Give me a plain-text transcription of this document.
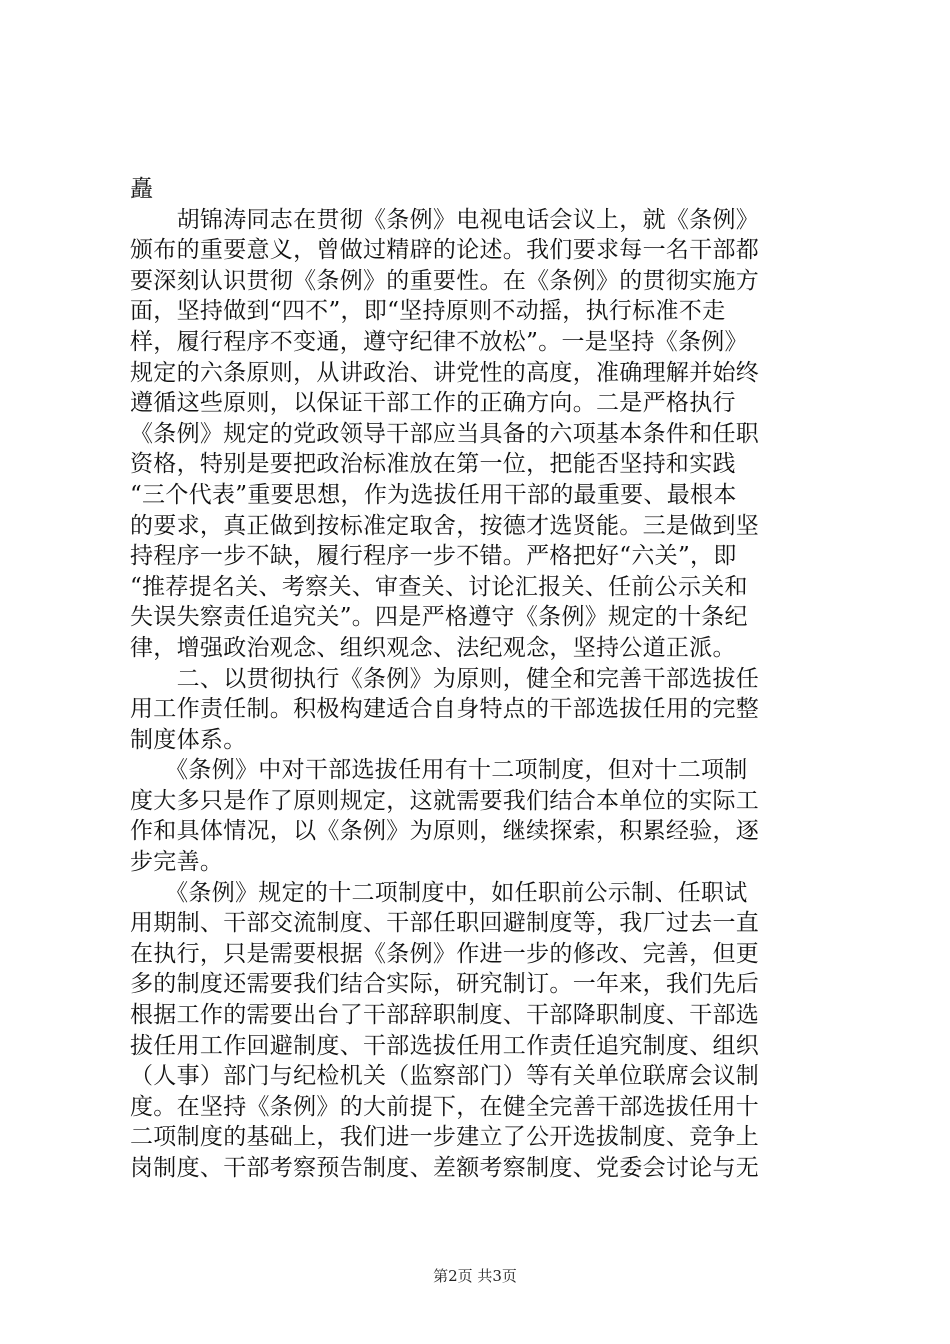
矗
　　胡锦涛同志在贯彻《条例》电视电话会议上，就《条例》
颁布的重要意义，曾做过精辟的论述。我们要求每一名干部都
要深刻认识贯彻《条例》的重要性。在《条例》的贯彻实施方
面，坚持做到“四不”，即“坚持原则不动摇，执行标准不走
样，履行程序不变通，遵守纪律不放松”。一是坚持《条例》
规定的六条原则，从讲政治、讲党性的高度，准确理解并始终
遵循这些原则，以保证干部工作的正确方向。二是严格执行
《条例》规定的党政领导干部应当具备的六项基本条件和任职
资格，特别是要把政治标准放在第一位，把能否坚持和实践
“三个代表”重要思想，作为选拔任用干部的最重要、最根本
的要求，真正做到按标准定取舍，按德才选贤能。三是做到坚
持程序一步不缺，履行程序一步不错。严格把好“六关”，即
“推荐提名关、考察关、审查关、讨论汇报关、任前公示关和
失误失察责任追究关”。四是严格遵守《条例》规定的十条纪
律，增强政治观念、组织观念、法纪观念，坚持公道正派。
　　二、以贯彻执行《条例》为原则，健全和完善干部选拔任
用工作责任制。积极构建适合自身特点的干部选拔任用的完整
制度体系。
　　《条例》中对干部选拔任用有十二项制度，但对十二项制
度大多只是作了原则规定，这就需要我们结合本单位的实际工
作和具体情况，以《条例》为原则，继续探索，积累经验，逐
步完善。
　　《条例》规定的十二项制度中，如任职前公示制、任职试
用期制、干部交流制度、干部任职回避制度等，我厂过去一直
在执行，只是需要根据《条例》作进一步的修改、完善，但更
多的制度还需要我们结合实际，研究制订。一年来，我们先后
根据工作的需要出台了干部辞职制度、干部降职制度、干部选
拔任用工作回避制度、干部选拔任用工作责任追究制度、组织
（人事）部门与纪检机关（监察部门）等有关单位联席会议制
度。在坚持《条例》的大前提下，在健全完善干部选拔任用十
二项制度的基础上，我们进一步建立了公开选拔制度、竞争上
岗制度、干部考察预告制度、差额考察制度、党委会讨论与无
第2页 共3页
